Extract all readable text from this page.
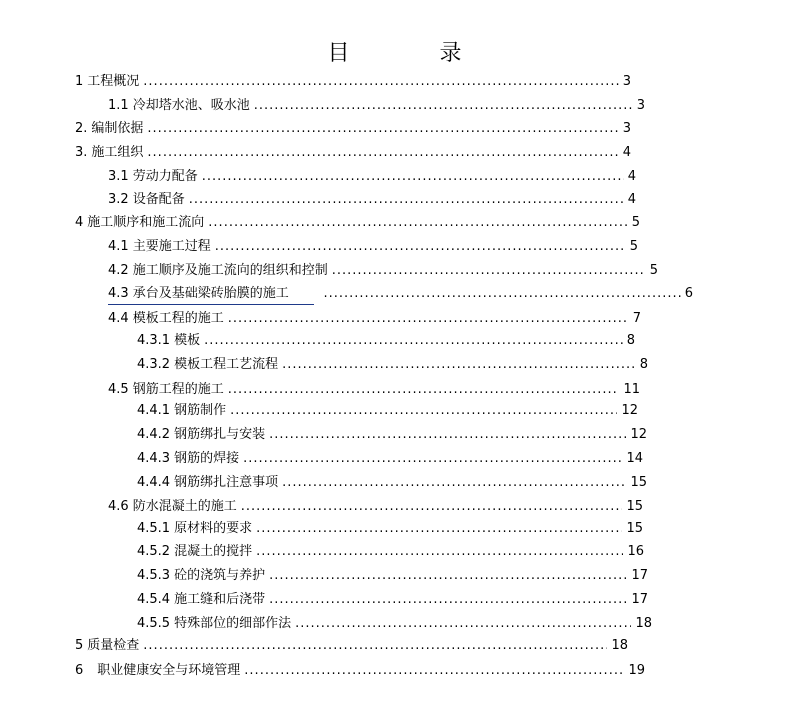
目　录
1 工程概况 .....	3
1.1 冷却塔水池、吸水池 .....	3
2. 编制依据 .....	3
3. 施工组织 .....	4
3.1 劳动力配备 .....	4
3.2 设备配备 .....	4
4 施工顺序和施工流向 .....	5
4.1 主要施工过程 .....	5
4.2 施工顺序及施工流向的组织和控制 .....	5
4.3 承台及基础梁砖胎膜的施工 .....	6
4.4 模板工程的施工 .....	7
4.3.1 模板 .....	8
4.3.2 模板工程工艺流程 .....	8
4.5 钢筋工程的施工 .....	11
4.4.1 钢筋制作 .....	12
4.4.2 钢筋绑扎与安装 .....	12
4.4.3 钢筋的焊接 .....	14
4.4.4 钢筋绑扎注意事项 .....	15
4.6 防水混凝土的施工 .....	15
4.5.1 原材料的要求 .....	15
4.5.2 混凝土的搅拌 .....	16
4.5.3 砼的浇筑与养护 .....	17
4.5.4 施工缝和后浇带 .....	17
4.5.5 特殊部位的细部作法 .....	18
5 质量检查 .....	18
6 职业健康安全与环境管理 .....	19
